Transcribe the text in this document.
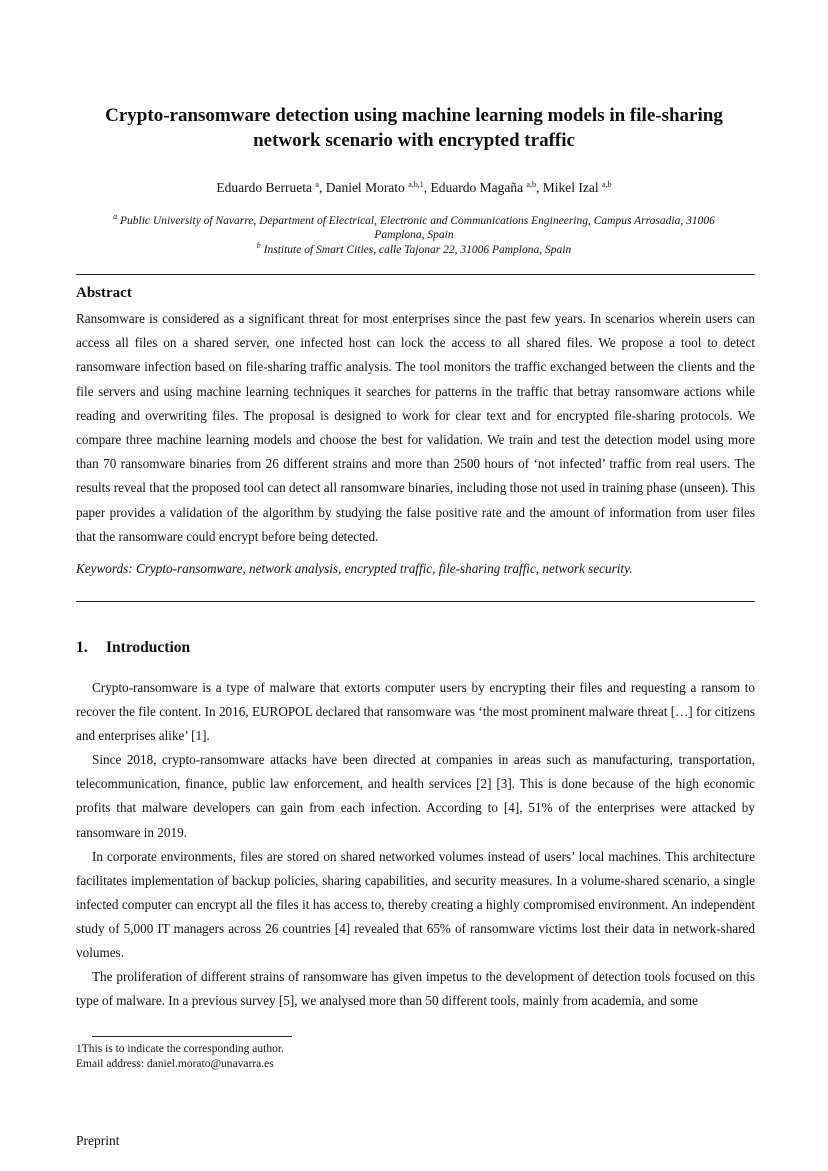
Crypto-ransomware detection using machine learning models in file-sharing network scenario with encrypted traffic
Eduardo Berrueta $^a$, Daniel Morato $^{a,b,1}$, Eduardo Magaña $^{a,b}$, Mikel Izal $^{a,b}$
$^a$ Public University of Navarre, Department of Electrical, Electronic and Communications Engineering, Campus Arrosadia, 31006 Pamplona, Spain
$^b$ Institute of Smart Cities, calle Tajonar 22, 31006 Pamplona, Spain
Abstract

Ransomware is considered as a significant threat for most enterprises since the past few years. In scenarios wherein users can access all files on a shared server, one infected host can lock the access to all shared files. We propose a tool to detect ransomware infection based on file-sharing traffic analysis. The tool monitors the traffic exchanged between the clients and the file servers and using machine learning techniques it searches for patterns in the traffic that betray ransomware actions while reading and overwriting files. The proposal is designed to work for clear text and for encrypted file-sharing protocols. We compare three machine learning models and choose the best for validation. We train and test the detection model using more than 70 ransomware binaries from 26 different strains and more than 2500 hours of ‘not infected’ traffic from real users. The results reveal that the proposed tool can detect all ransomware binaries, including those not used in training phase (unseen). This paper provides a validation of the algorithm by studying the false positive rate and the amount of information from user files that the ransomware could encrypt before being detected.

Keywords: Crypto-ransomware, network analysis, encrypted traffic, file-sharing traffic, network security.

1. Introduction

Crypto-ransomware is a type of malware that extorts computer users by encrypting their files and requesting a ransom to recover the file content. In 2016, EUROPOL declared that ransomware was ‘the most prominent malware threat […] for citizens and enterprises alike’ [1].

Since 2018, crypto-ransomware attacks have been directed at companies in areas such as manufacturing, transportation, telecommunication, finance, public law enforcement, and health services [2] [3]. This is done because of the high economic profits that malware developers can gain from each infection. According to [4], 51% of the enterprises were attacked by ransomware in 2019.

In corporate environments, files are stored on shared networked volumes instead of users’ local machines. This architecture facilitates implementation of backup policies, sharing capabilities, and security measures. In a volume-shared scenario, a single infected computer can encrypt all the files it has access to, thereby creating a highly compromised environment. An independent study of 5,000 IT managers across 26 countries [4] revealed that 65% of ransomware victims lost their data in network-shared volumes.

The proliferation of different strains of ransomware has given impetus to the development of detection tools focused on this type of malware. In a previous survey [5], we analysed more than 50 different tools, mainly from academia, and some

1This is to indicate the corresponding author.
Email address: daniel.morato@unavarra.es
Preprint
